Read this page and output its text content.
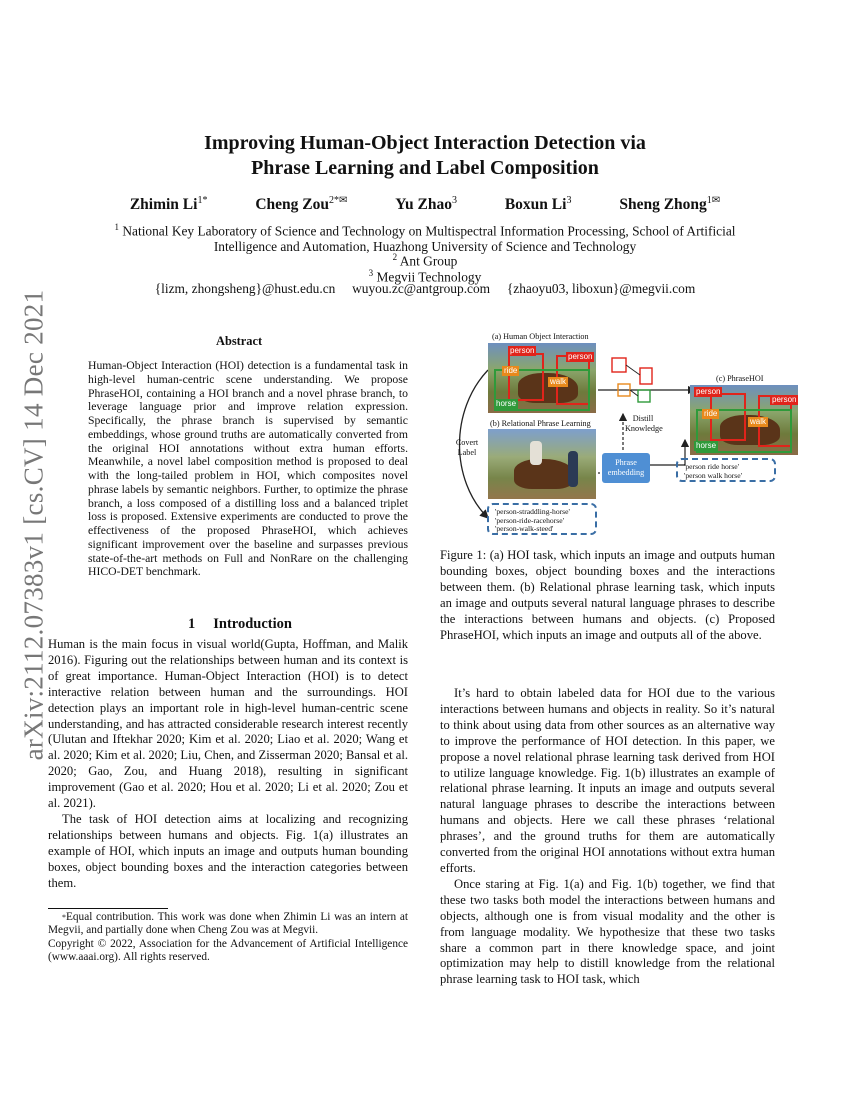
arXiv:2112.07383v1 [cs.CV] 14 Dec 2021
Improving Human-Object Interaction Detection via
Phrase Learning and Label Composition
Zhimin $Li^{1*}$	Cheng Zou$^{2*✉}$	Yu Zhao$^3$	Boxun Li$^3$	Sheng Zhong$^{1✉}$
$^1$ National Key Laboratory of Science and Technology on Multispectral Information Processing, School of Artificial
Intelligence and Automation, Huazhong University of Science and Technology
$^2$ Ant Group
$^3$ Megvii Technology
{lizm, zhongsheng}@hust.edu.cn     wuyou.zc@antgroup.com     {zhaoyu03, liboxun}@megvii.com
Abstract
Human-Object Interaction (HOI) detection is a fundamental task in high-level human-centric scene understanding. We propose PhraseHOI, containing a HOI branch and a novel phrase branch, to leverage language prior and improve relation expression. Specifically, the phrase branch is supervised by semantic embeddings, whose ground truths are automatically converted from the original HOI annotations without extra human efforts. Meanwhile, a novel label composition method is proposed to deal with the long-tailed problem in HOI, which composites novel phrase labels by semantic neighbors. Further, to optimize the phrase branch, a loss composed of a distilling loss and a balanced triplet loss is proposed. Extensive experiments are conducted to prove the effectiveness of the proposed PhraseHOI, which achieves significant improvement over the baseline and surpasses previous state-of-the-art methods on Full and NonRare on the challenging HICO-DET benchmark.
1 Introduction

Human is the main focus in visual world(Gupta, Hoffman, and Malik 2016). Figuring out the relationships between human and its context is of great importance. Human-Object Interaction (HOI) is to detect interactive relation between human and the surroundings. HOI detection plays an important role in high-level human-centric scene understanding, and has attracted considerable research interest recently (Ulutan and Iftekhar 2020; Kim et al. 2020; Liao et al. 2020; Wang et al. 2020; Kim et al. 2020; Liu, Chen, and Zisserman 2020; Bansal et al. 2020; Gao, Zou, and Huang 2018), resulting in significant improvement (Gao et al. 2020; Hou et al. 2020; Li et al. 2020; Zou et al. 2021).

The task of HOI detection aims at localizing and recognizing relationships between humans and objects. Fig. 1(a) illustrates an example of HOI, which inputs an image and outputs human bounding boxes, object bounding boxes and the interaction categories between them.

*Equal contribution. This work was done when Zhimin Li was an intern at Megvii, and partially done when Cheng Zou was at Megvii.
Copyright © 2022, Association for the Advancement of Artificial Intelligence (www.aaai.org). All rights reserved.
(a) Human Object Interaction
person
person
ride
walk
horse
(b) Relational Phrase Learning
Covert Label
Distill Knowledge
Phrase embedding
'person-straddling-horse'
'person-ride-racehorse'
'person-walk-steed'
(c) PhraseHOI
person
person
ride
walk
horse
'person ride horse'
'person walk horse'
Figure 1: (a) HOI task, which inputs an image and outputs human bounding boxes, object bounding boxes and the interactions between them. (b) Relational phrase learning task, which inputs an image and outputs several natural language phrases to describe the interactions between humans and objects. (c) Proposed PhraseHOI, which inputs an image and outputs all of the above.

It’s hard to obtain labeled data for HOI due to the various interactions between humans and objects in reality. So it’s natural to think about using data from other sources as an alternative way to improve the performance of HOI detection. In this paper, we propose a novel relational phrase learning task derived from HOI to utilize language knowledge. Fig. 1(b) illustrates an example of relational phrase learning. It inputs an image and outputs several natural language phrases to describe the interactions between humans and objects. Here we call these phrases ‘relational phrases’, and the ground truths for them are automatically converted from the original HOI annotations without extra human efforts.

Once staring at Fig. 1(a) and Fig. 1(b) together, we find that these two tasks both model the interactions between humans and objects, although one is from visual modality and the other is from language modality. We hypothesize that these two tasks share a common part in there knowledge space, and joint optimization may help to distill knowledge from the relational phrase learning task to HOI task, which
